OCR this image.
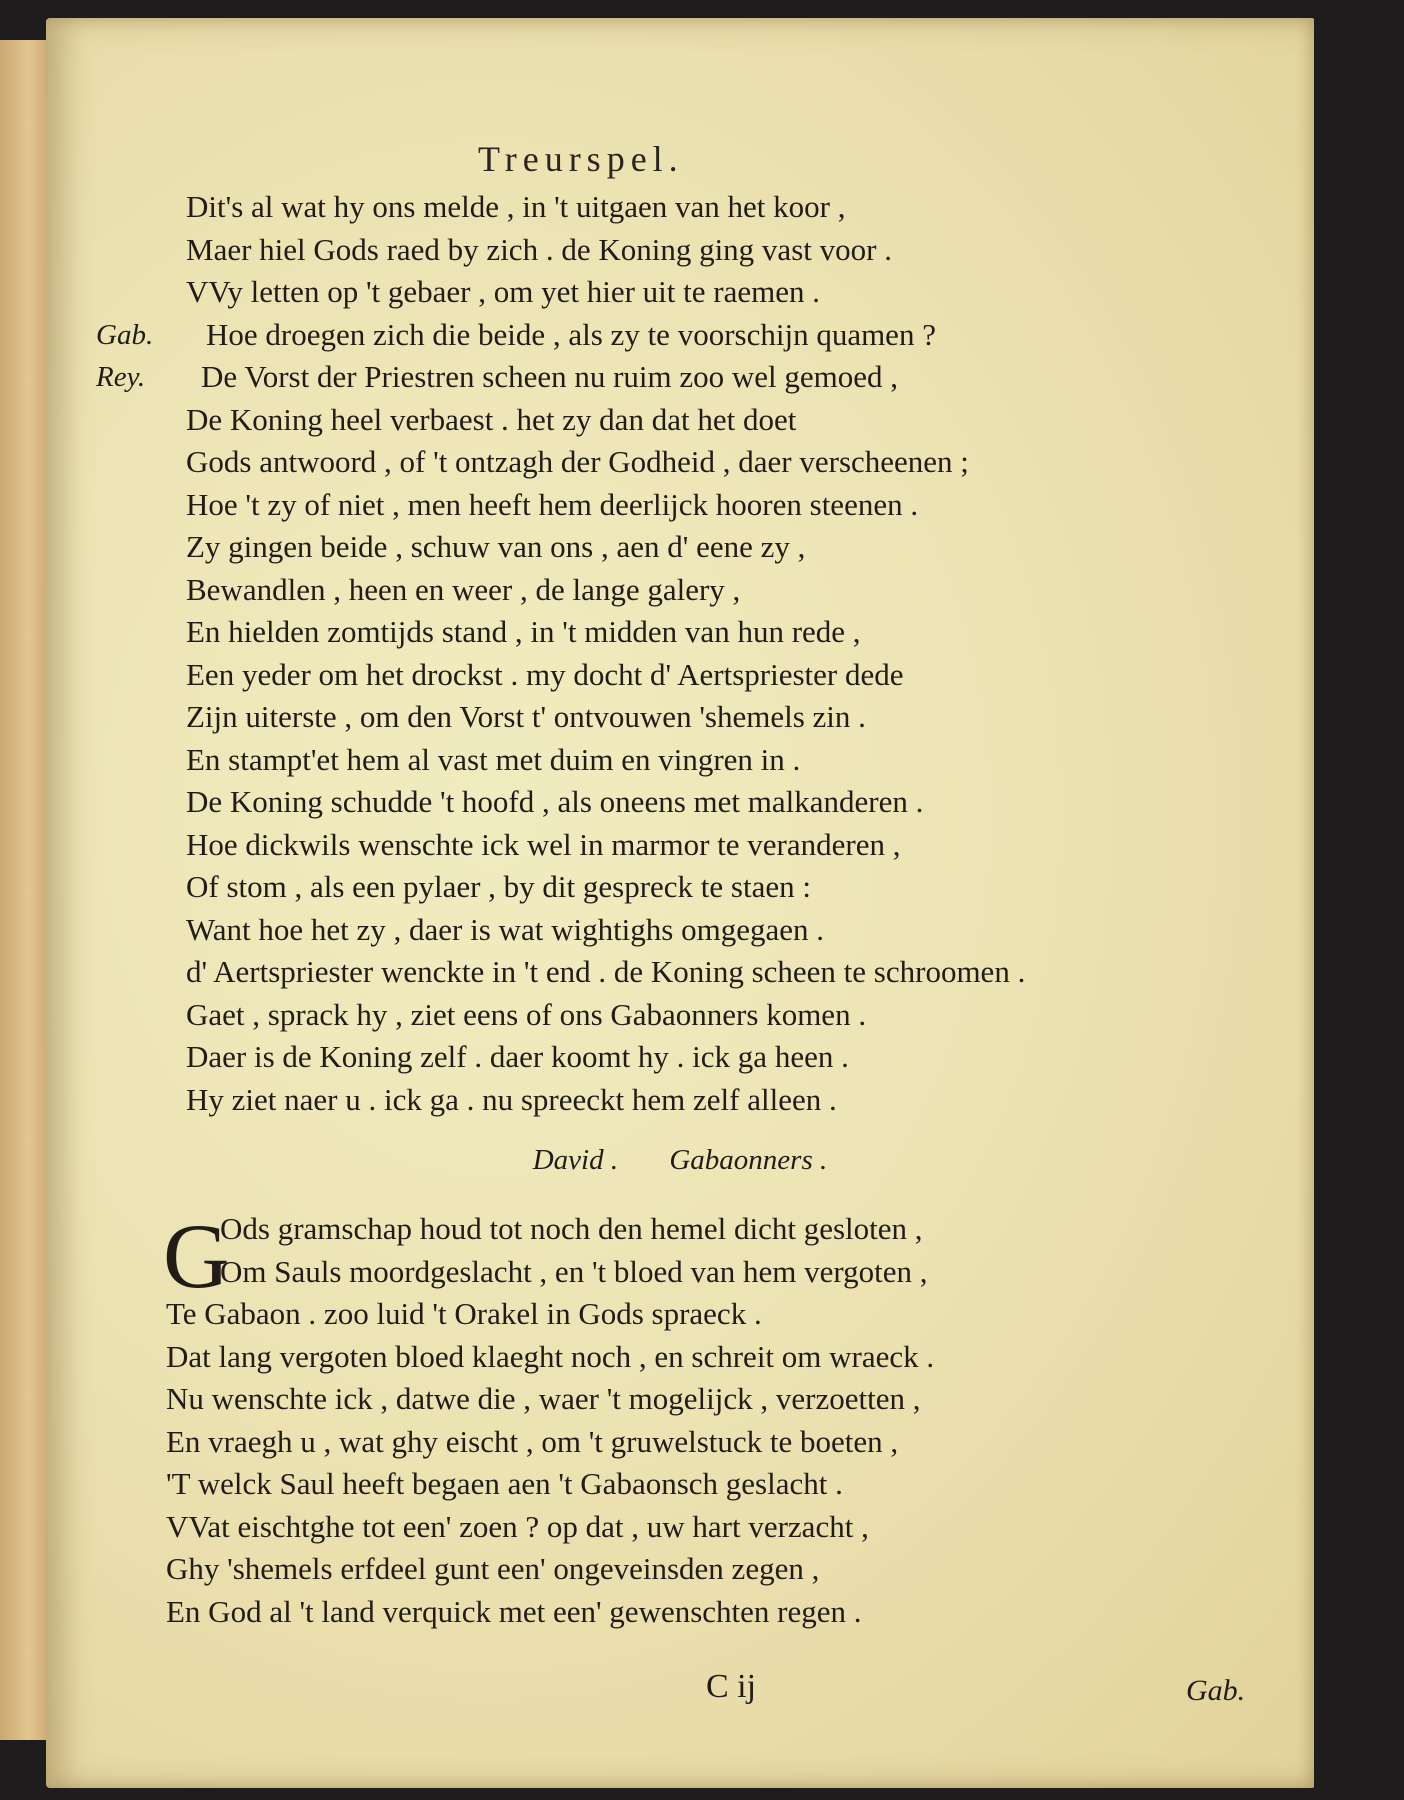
Treurspel.
Dit's al wat hy ons melde , in 't uitgaen van het koor ,
Maer hiel Gods raed by zich . de Koning ging vast voor .
VVy letten op 't gebaer , om yet hier uit te raemen .
Gab. Hoe droegen zich die beide , als zy te voorschijn quamen ?
Rey. De Vorst der Priestren scheen nu ruim zoo wel gemoed ,
De Koning heel verbaest . het zy dan dat het doet
Gods antwoord , of 't ontzagh der Godheid , daer verscheenen ;
Hoe 't zy of niet , men heeft hem deerlijck hooren steenen .
Zy gingen beide , schuw van ons , aen d' eene zy ,
Bewandlen , heen en weer , de lange galery ,
En hielden zomtijds stand , in 't midden van hun rede ,
Een yeder om het drockst . my docht d' Aertspriester dede
Zijn uiterste , om den Vorst t' ontvouwen 'shemels zin .
En stampt'et hem al vast met duim en vingren in .
De Koning schudde 't hoofd , als oneens met malkanderen .
Hoe dickwils wenschte ick wel in marmor te veranderen ,
Of stom , als een pylaer , by dit gespreck te staen :
Want hoe het zy , daer is wat wightighs omgegaen .
d' Aertspriester wenckte in 't end . de Koning scheen te schroomen .
Gaet , sprack hy , ziet eens of ons Gabaonners komen .
Daer is de Koning zelf . daer koomt hy . ick ga heen .
Hy ziet naer u . ick ga . nu spreeckt hem zelf alleen .
David . Gabaonners .
G
Ods gramschap houd tot noch den hemel dicht gesloten ,
Om Sauls moordgeslacht , en 't bloed van hem vergoten ,
Te Gabaon . zoo luid 't Orakel in Gods spraeck .
Dat lang vergoten bloed klaeght noch , en schreit om wraeck .
Nu wenschte ick , datwe die , waer 't mogelijck , verzoetten ,
En vraegh u , wat ghy eischt , om 't gruwelstuck te boeten ,
'T welck Saul heeft begaen aen 't Gabaonsch geslacht .
VVat eischtghe tot een' zoen ? op dat , uw hart verzacht ,
Ghy 'shemels erfdeel gunt een' ongeveinsden zegen ,
En God al 't land verquick met een' gewenschten regen .
C ij	Gab.
